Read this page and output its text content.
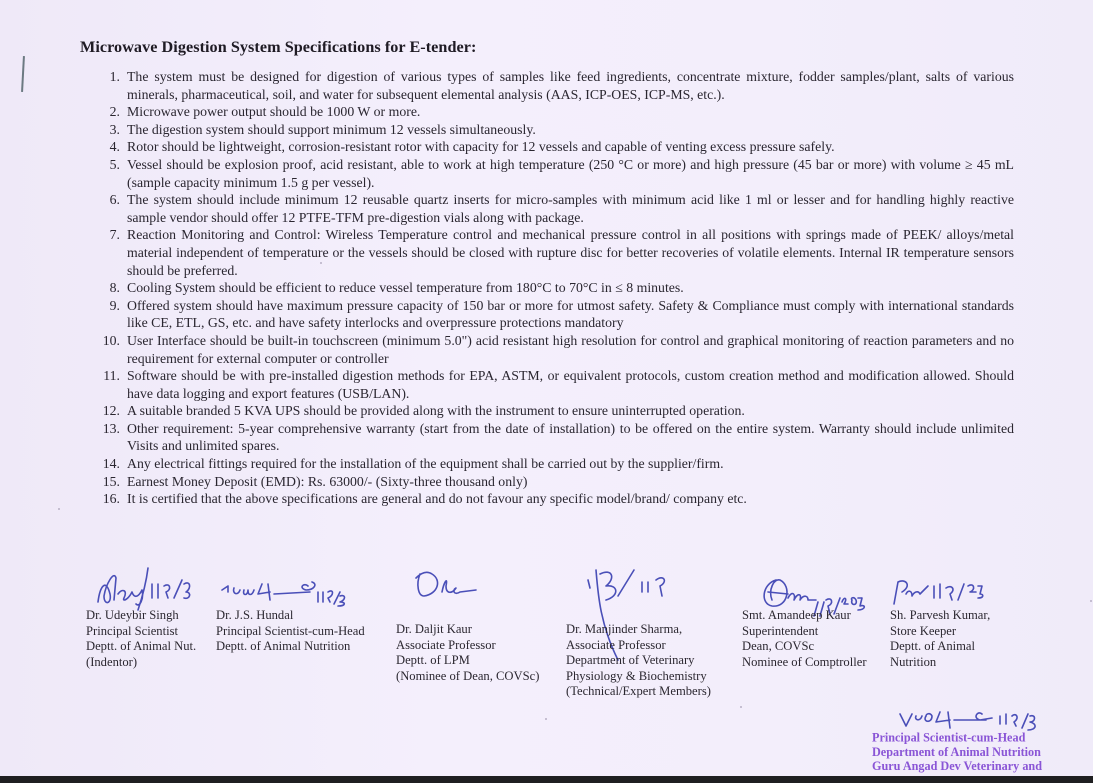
Microwave Digestion System Specifications for E-tender:
1. The system must be designed for digestion of various types of samples like feed ingredients, concentrate mixture, fodder samples/plant, salts of various minerals, pharmaceutical, soil, and water for subsequent elemental analysis (AAS, ICP-OES, ICP-MS, etc.).
2. Microwave power output should be 1000 W or more.
3. The digestion system should support minimum 12 vessels simultaneously.
4. Rotor should be lightweight, corrosion-resistant rotor with capacity for 12 vessels and capable of venting excess pressure safely.
5. Vessel should be explosion proof, acid resistant, able to work at high temperature (250 °C or more) and high pressure (45 bar or more) with volume ≥ 45 mL (sample capacity minimum 1.5 g per vessel).
6. The system should include minimum 12 reusable quartz inserts for micro-samples with minimum acid like 1 ml or lesser and for handling highly reactive sample vendor should offer 12 PTFE-TFM pre-digestion vials along with package.
7. Reaction Monitoring and Control: Wireless Temperature control and mechanical pressure control in all positions with springs made of PEEK/ alloys/metal material independent of temperature or the vessels should be closed with rupture disc for better recoveries of volatile elements. Internal IR temperature sensors should be preferred.
8. Cooling System should be efficient to reduce vessel temperature from 180°C to 70°C in ≤ 8 minutes.
9. Offered system should have maximum pressure capacity of 150 bar or more for utmost safety. Safety & Compliance must comply with international standards like CE, ETL, GS, etc. and have safety interlocks and overpressure protections mandatory
10. User Interface should be built-in touchscreen (minimum 5.0") acid resistant high resolution for control and graphical monitoring of reaction parameters and no requirement for external computer or controller
11. Software should be with pre-installed digestion methods for EPA, ASTM, or equivalent protocols, custom creation method and modification allowed. Should have data logging and export features (USB/LAN).
12. A suitable branded 5 KVA UPS should be provided along with the instrument to ensure uninterrupted operation.
13. Other requirement: 5-year comprehensive warranty (start from the date of installation) to be offered on the entire system. Warranty should include unlimited Visits and unlimited spares.
14. Any electrical fittings required for the installation of the equipment shall be carried out by the supplier/firm.
15. Earnest Money Deposit (EMD): Rs. 63000/- (Sixty-three thousand only)
16. It is certified that the above specifications are general and do not favour any specific model/brand/ company etc.
Dr. Udeybir Singh
Principal Scientist
Deptt. of Animal Nut.
(Indentor)
Dr. J.S. Hundal
Principal Scientist-cum-Head
Deptt. of Animal Nutrition
Dr. Daljit Kaur
Associate Professor
Deptt. of LPM
(Nominee of Dean, COVSc)
Dr. Manjinder Sharma,
Associate Professor
Department of Veterinary
Physiology & Biochemistry
(Technical/Expert Members)
Smt. Amandeep Kaur
Superintendent
Dean, COVSc
Nominee of Comptroller
Sh. Parvesh Kumar,
Store Keeper
Deptt. of Animal
Nutrition
Principal Scientist-cum-Head
Department of Animal Nutrition
Guru Angad Dev Veterinary and
